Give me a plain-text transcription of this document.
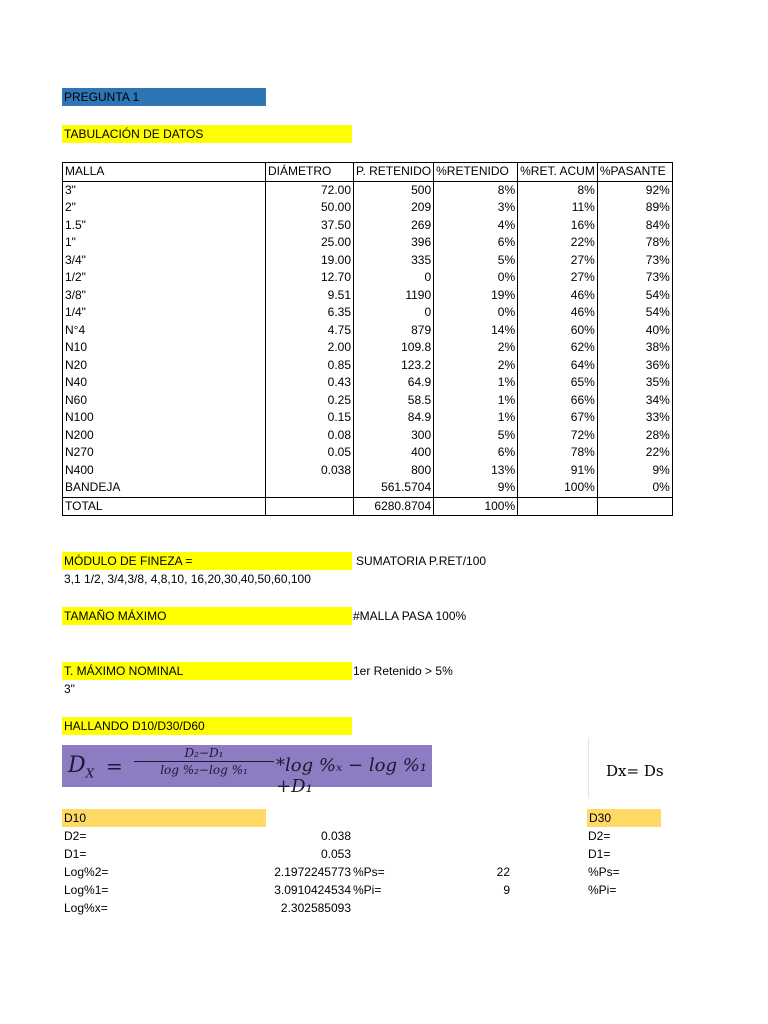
PREGUNTA 1
TABULACIÓN DE DATOS
MALLA	DIÁMETRO	P. RETENIDO	%RETENIDO	%RET. ACUM	%PASANTE
3"	72.00	500	8%	8%	92%
2"	50.00	209	3%	11%	89%
1.5"	37.50	269	4%	16%	84%
1"	25.00	396	6%	22%	78%
3/4"	19.00	335	5%	27%	73%
1/2"	12.70	0	0%	27%	73%
3/8"	9.51	1190	19%	46%	54%
1/4"	6.35	0	0%	46%	54%
N°4	4.75	879	14%	60%	40%
N10	2.00	109.8	2%	62%	38%
N20	0.85	123.2	2%	64%	36%
N40	0.43	64.9	1%	65%	35%
N60	0.25	58.5	1%	66%	34%
N100	0.15	84.9	1%	67%	33%
N200	0.08	300	5%	72%	28%
N270	0.05	400	6%	78%	22%
N400	0.038	800	13%	91%	9%
BANDEJA		561.5704	9%	100%	0%
TOTAL		6280.8704	100%		
MÓDULO DE FINEZA =	SUMATORIA P.RET/100
3,1 1/2, 3/4,3/8, 4,8,10, 16,20,30,40,50,60,100
TAMAÑO MÁXIMO	#MALLA PASA 100%
T. MÁXIMO NOMINAL	1er Retenido > 5%
3"
HALLANDO D10/D30/D60
$D_X = \frac{\text{D₂−D₁}}{\text{log \%₂−log \%₁}} *\log$ %ₓ − log %₁ +D₁
Dx= Ds
D10
D2=	0.038
D1=	0.053
Log%2=	2.1972245773 %Ps=	22
Log%1=	3.0910424534 %Pi=	9
Log%x=	2.302585093
D30
D2=
D1=
%Ps=
%Pi=
